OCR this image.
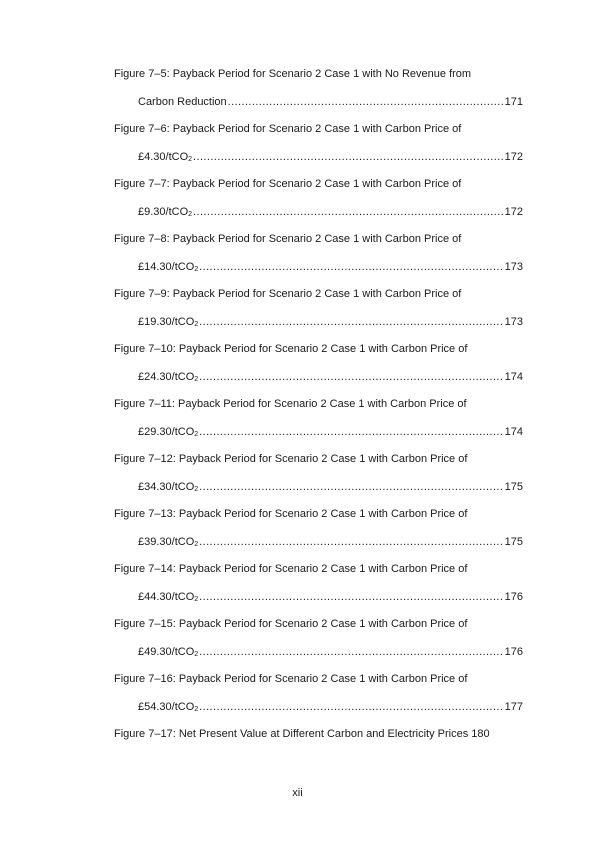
Figure 7–5: Payback Period for Scenario 2 Case 1 with No Revenue from
Carbon Reduction .....	171
Figure 7–6: Payback Period for Scenario 2 Case 1 with Carbon Price of
£4.30/tCO$_2$ .....	172
Figure 7–7: Payback Period for Scenario 2 Case 1 with Carbon Price of
£9.30/tCO$_2$ .....	172
Figure 7–8: Payback Period for Scenario 2 Case 1 with Carbon Price of
£14.30/tCO$_2$ .....	173
Figure 7–9: Payback Period for Scenario 2 Case 1 with Carbon Price of
£19.30/tCO$_2$ .....	173
Figure 7–10: Payback Period for Scenario 2 Case 1 with Carbon Price of
£24.30/tCO$_2$ .....	174
Figure 7–11: Payback Period for Scenario 2 Case 1 with Carbon Price of
£29.30/tCO$_2$ .....	174
Figure 7–12: Payback Period for Scenario 2 Case 1 with Carbon Price of
£34.30/tCO$_2$ .....	175
Figure 7–13: Payback Period for Scenario 2 Case 1 with Carbon Price of
£39.30/tCO$_2$ .....	175
Figure 7–14: Payback Period for Scenario 2 Case 1 with Carbon Price of
£44.30/tCO$_2$ .....	176
Figure 7–15: Payback Period for Scenario 2 Case 1 with Carbon Price of
£49.30/tCO$_2$ .....	176
Figure 7–16: Payback Period for Scenario 2 Case 1 with Carbon Price of
£54.30/tCO$_2$ .....	177
Figure 7–17: Net Present Value at Different Carbon and Electricity Prices 180
xii
